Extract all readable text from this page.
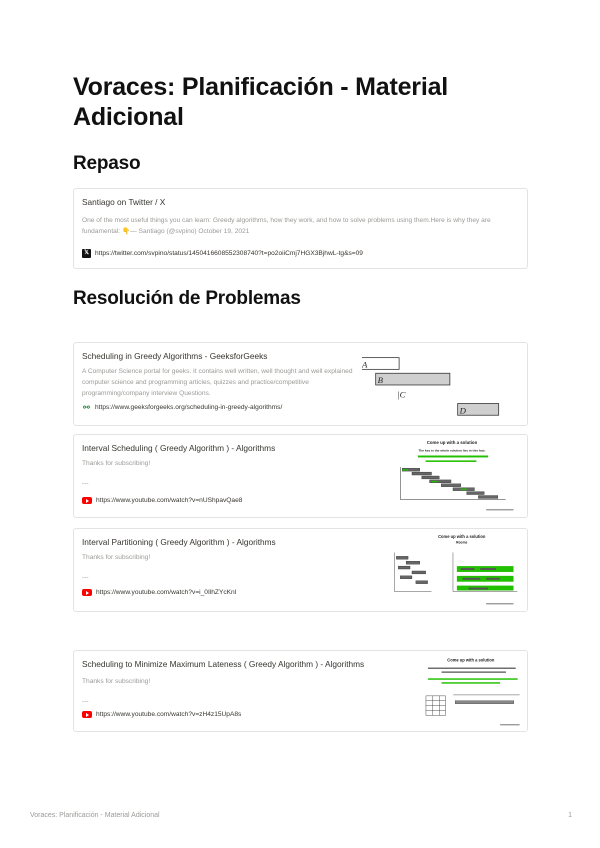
Voraces: Planificación - Material Adicional
Repaso
Santiago on Twitter / X
One of the most useful things you can learn: Greedy algorithms, how they work, and how to solve problems using them.Here is why they are fundamental: 👇— Santiago (@svpino) October 19, 2021
𝕏 https://twitter.com/svpino/status/1450416608552308740?t=po2oiiCmj7HGX3BjhwL-tg&s=09
Resolución de Problemas
Scheduling in Greedy Algorithms - GeeksforGeeks
A Computer Science portal for geeks. It contains well written, well thought and well explained computer science and programming articles, quizzes and practice/competitive programming/company interview Questions.
⚯ https://www.geeksforgeeks.org/scheduling-in-greedy-algorithms/
A
B
|C
D
Interval Scheduling ( Greedy Algorithm ) - Algorithms
Thanks for subscribing!
---
https://www.youtube.com/watch?v=nUShpavQae8
Come up with a solution
The key to the whole solution lies in this fact:
Interval Partitioning ( Greedy Algorithm ) - Algorithms
Thanks for subscribing!
---
https://www.youtube.com/watch?v=i_0IlhZYcKnI
Come up with a solution
Rooms
Scheduling to Minimize Maximum Lateness ( Greedy Algorithm ) - Algorithms
Thanks for subscribing!
---
https://www.youtube.com/watch?v=zH4z15UpA8s
Come up with a solution
Voraces: Planificación - Material Adicional	1
